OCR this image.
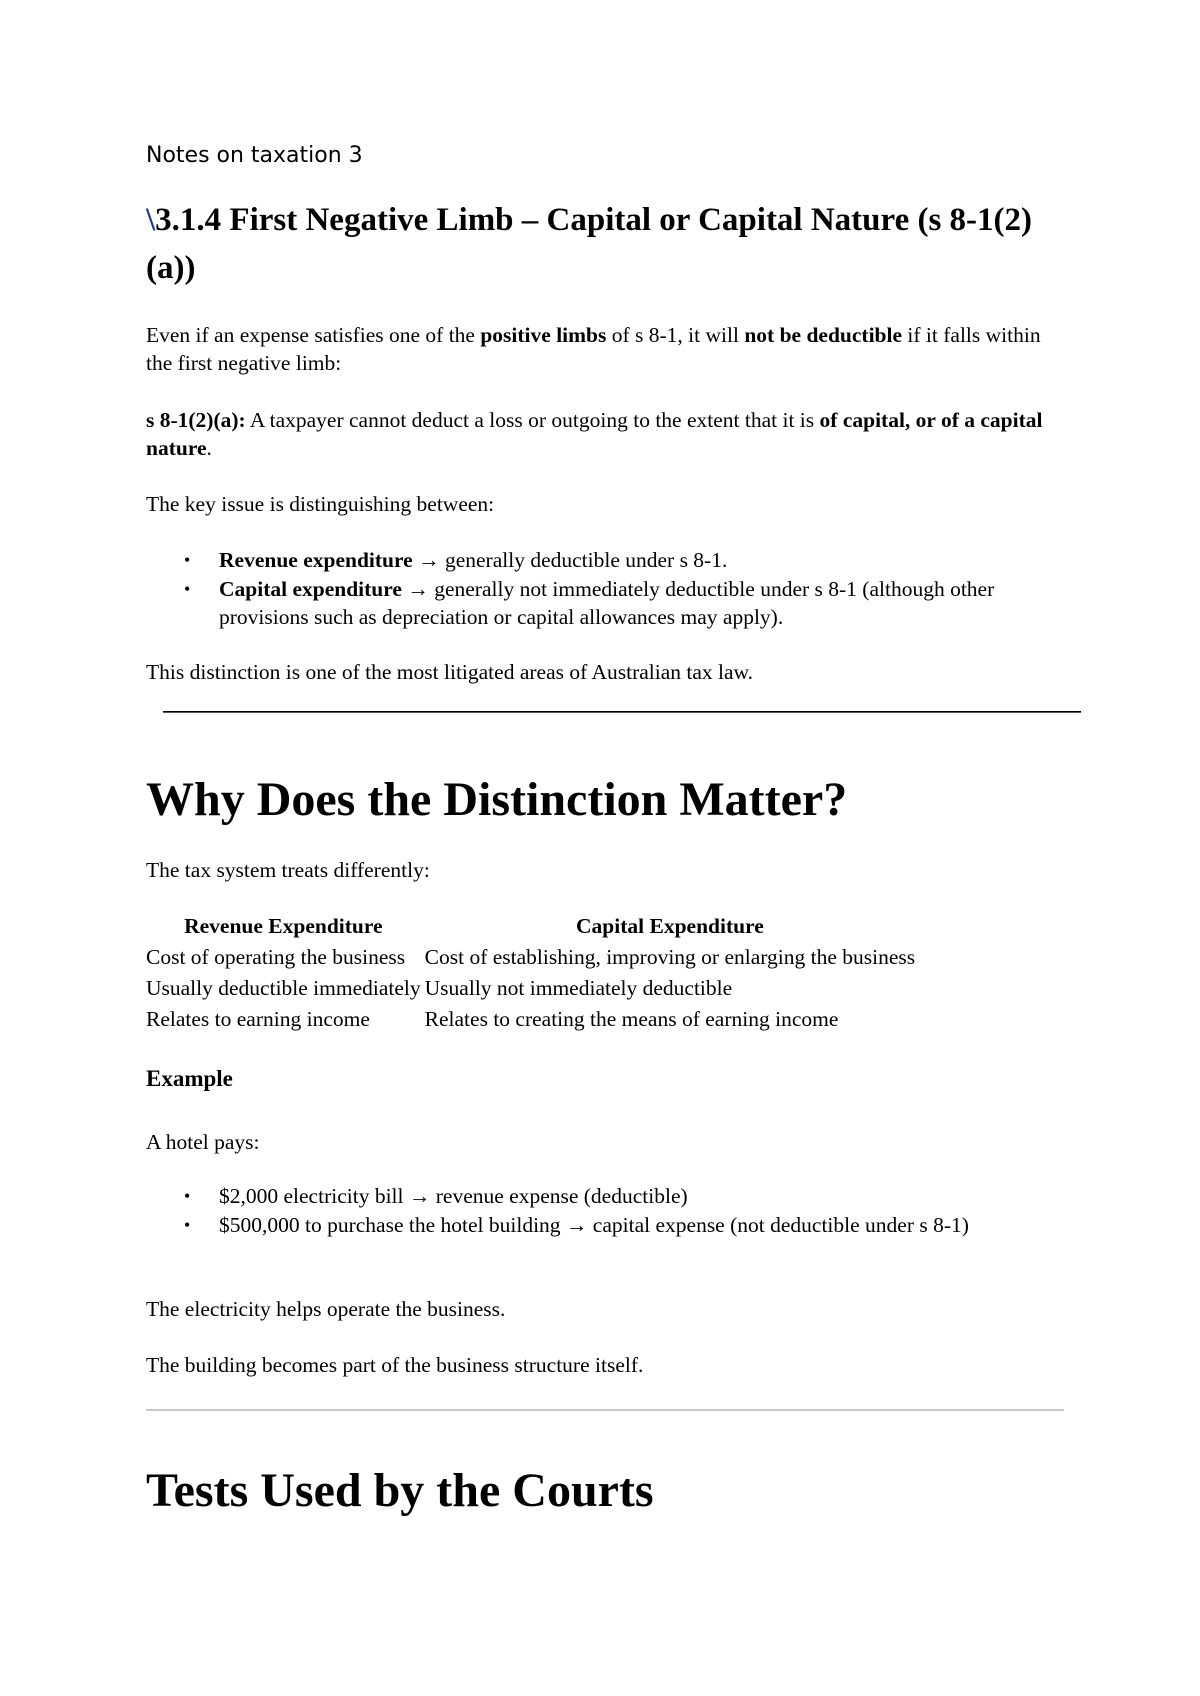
Notes on taxation 3
\3.1.4 First Negative Limb – Capital or Capital Nature (s 8-1(2)(a))
Even if an expense satisfies one of the positive limbs of s 8-1, it will not be deductible if it falls within the first negative limb:
s 8-1(2)(a): A taxpayer cannot deduct a loss or outgoing to the extent that it is of capital, or of a capital nature.
The key issue is distinguishing between:
• Revenue expenditure → generally deductible under s 8-1.
• Capital expenditure → generally not immediately deductible under s 8-1 (although other provisions such as depreciation or capital allowances may apply).
This distinction is one of the most litigated areas of Australian tax law.
Why Does the Distinction Matter?
The tax system treats differently:
Revenue Expenditure	Capital Expenditure
Cost of operating the business	Cost of establishing, improving or enlarging the business
Usually deductible immediately	Usually not immediately deductible
Relates to earning income	Relates to creating the means of earning income
Example
A hotel pays:
• $2,000 electricity bill → revenue expense (deductible)
• $500,000 to purchase the hotel building → capital expense (not deductible under s 8-1)
The electricity helps operate the business.
The building becomes part of the business structure itself.
Tests Used by the Courts
